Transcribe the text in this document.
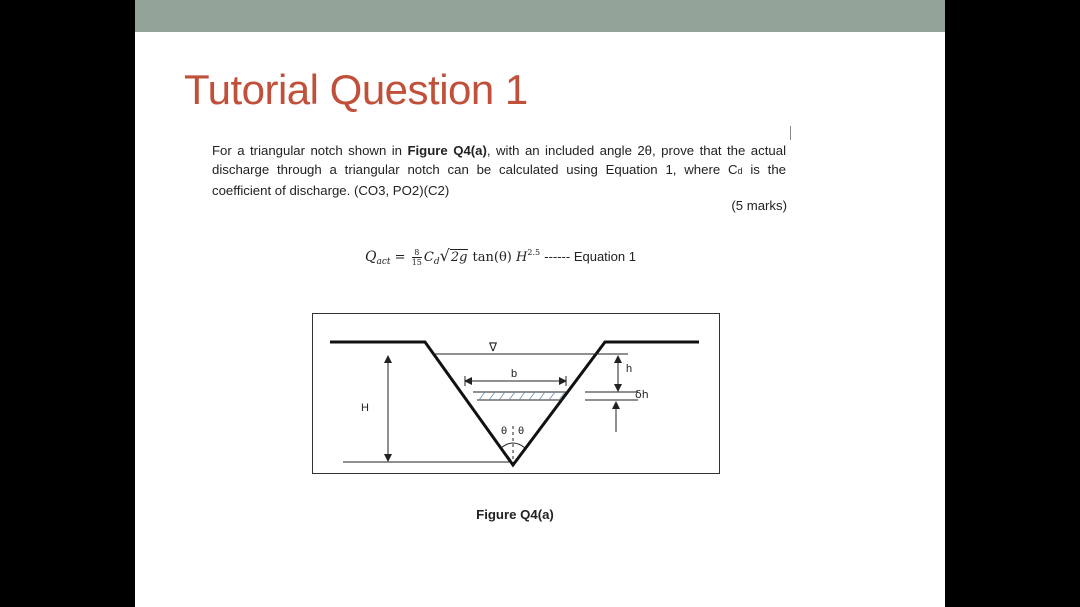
Tutorial Question 1
For a triangular notch shown in Figure Q4(a), with an included angle 2θ, prove that the actual discharge through a triangular notch can be calculated using Equation 1, where Cd is the coefficient of discharge. (CO3, PO2)(C2)
(5 marks)
$Q_{act} = \frac{8}{15} C_d√2g$ tan(θ) $H^{2.5}$ ------ Equation 1
H
b	h
δh
θ θ
∇
Figure Q4(a)
